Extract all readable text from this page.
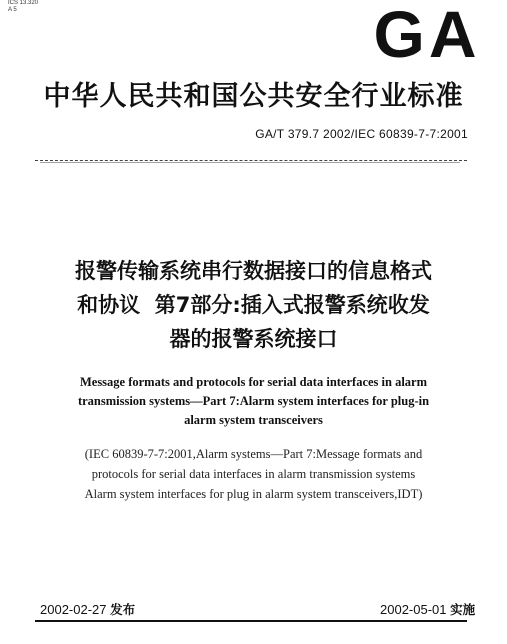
ICS 13.320
A 5	GA
中华人民共和国公共安全行业标准
GA/T 379.7 2002/IEC 60839-7-7:2001
报警传输系统串行数据接口的信息格式
和协议  第7部分:插入式报警系统收发
器的报警系统接口
Message formats and protocols for serial data interfaces in alarm
transmission systems—Part 7:Alarm system interfaces for plug-in
alarm system transceivers
(IEC 60839-7-7:2001,Alarm systems—Part 7:Message formats and
protocols for serial data interfaces in alarm transmission systems
Alarm system interfaces for plug in alarm system transceivers,IDT)
2002-02-27 发布	2002-05-01 实施
